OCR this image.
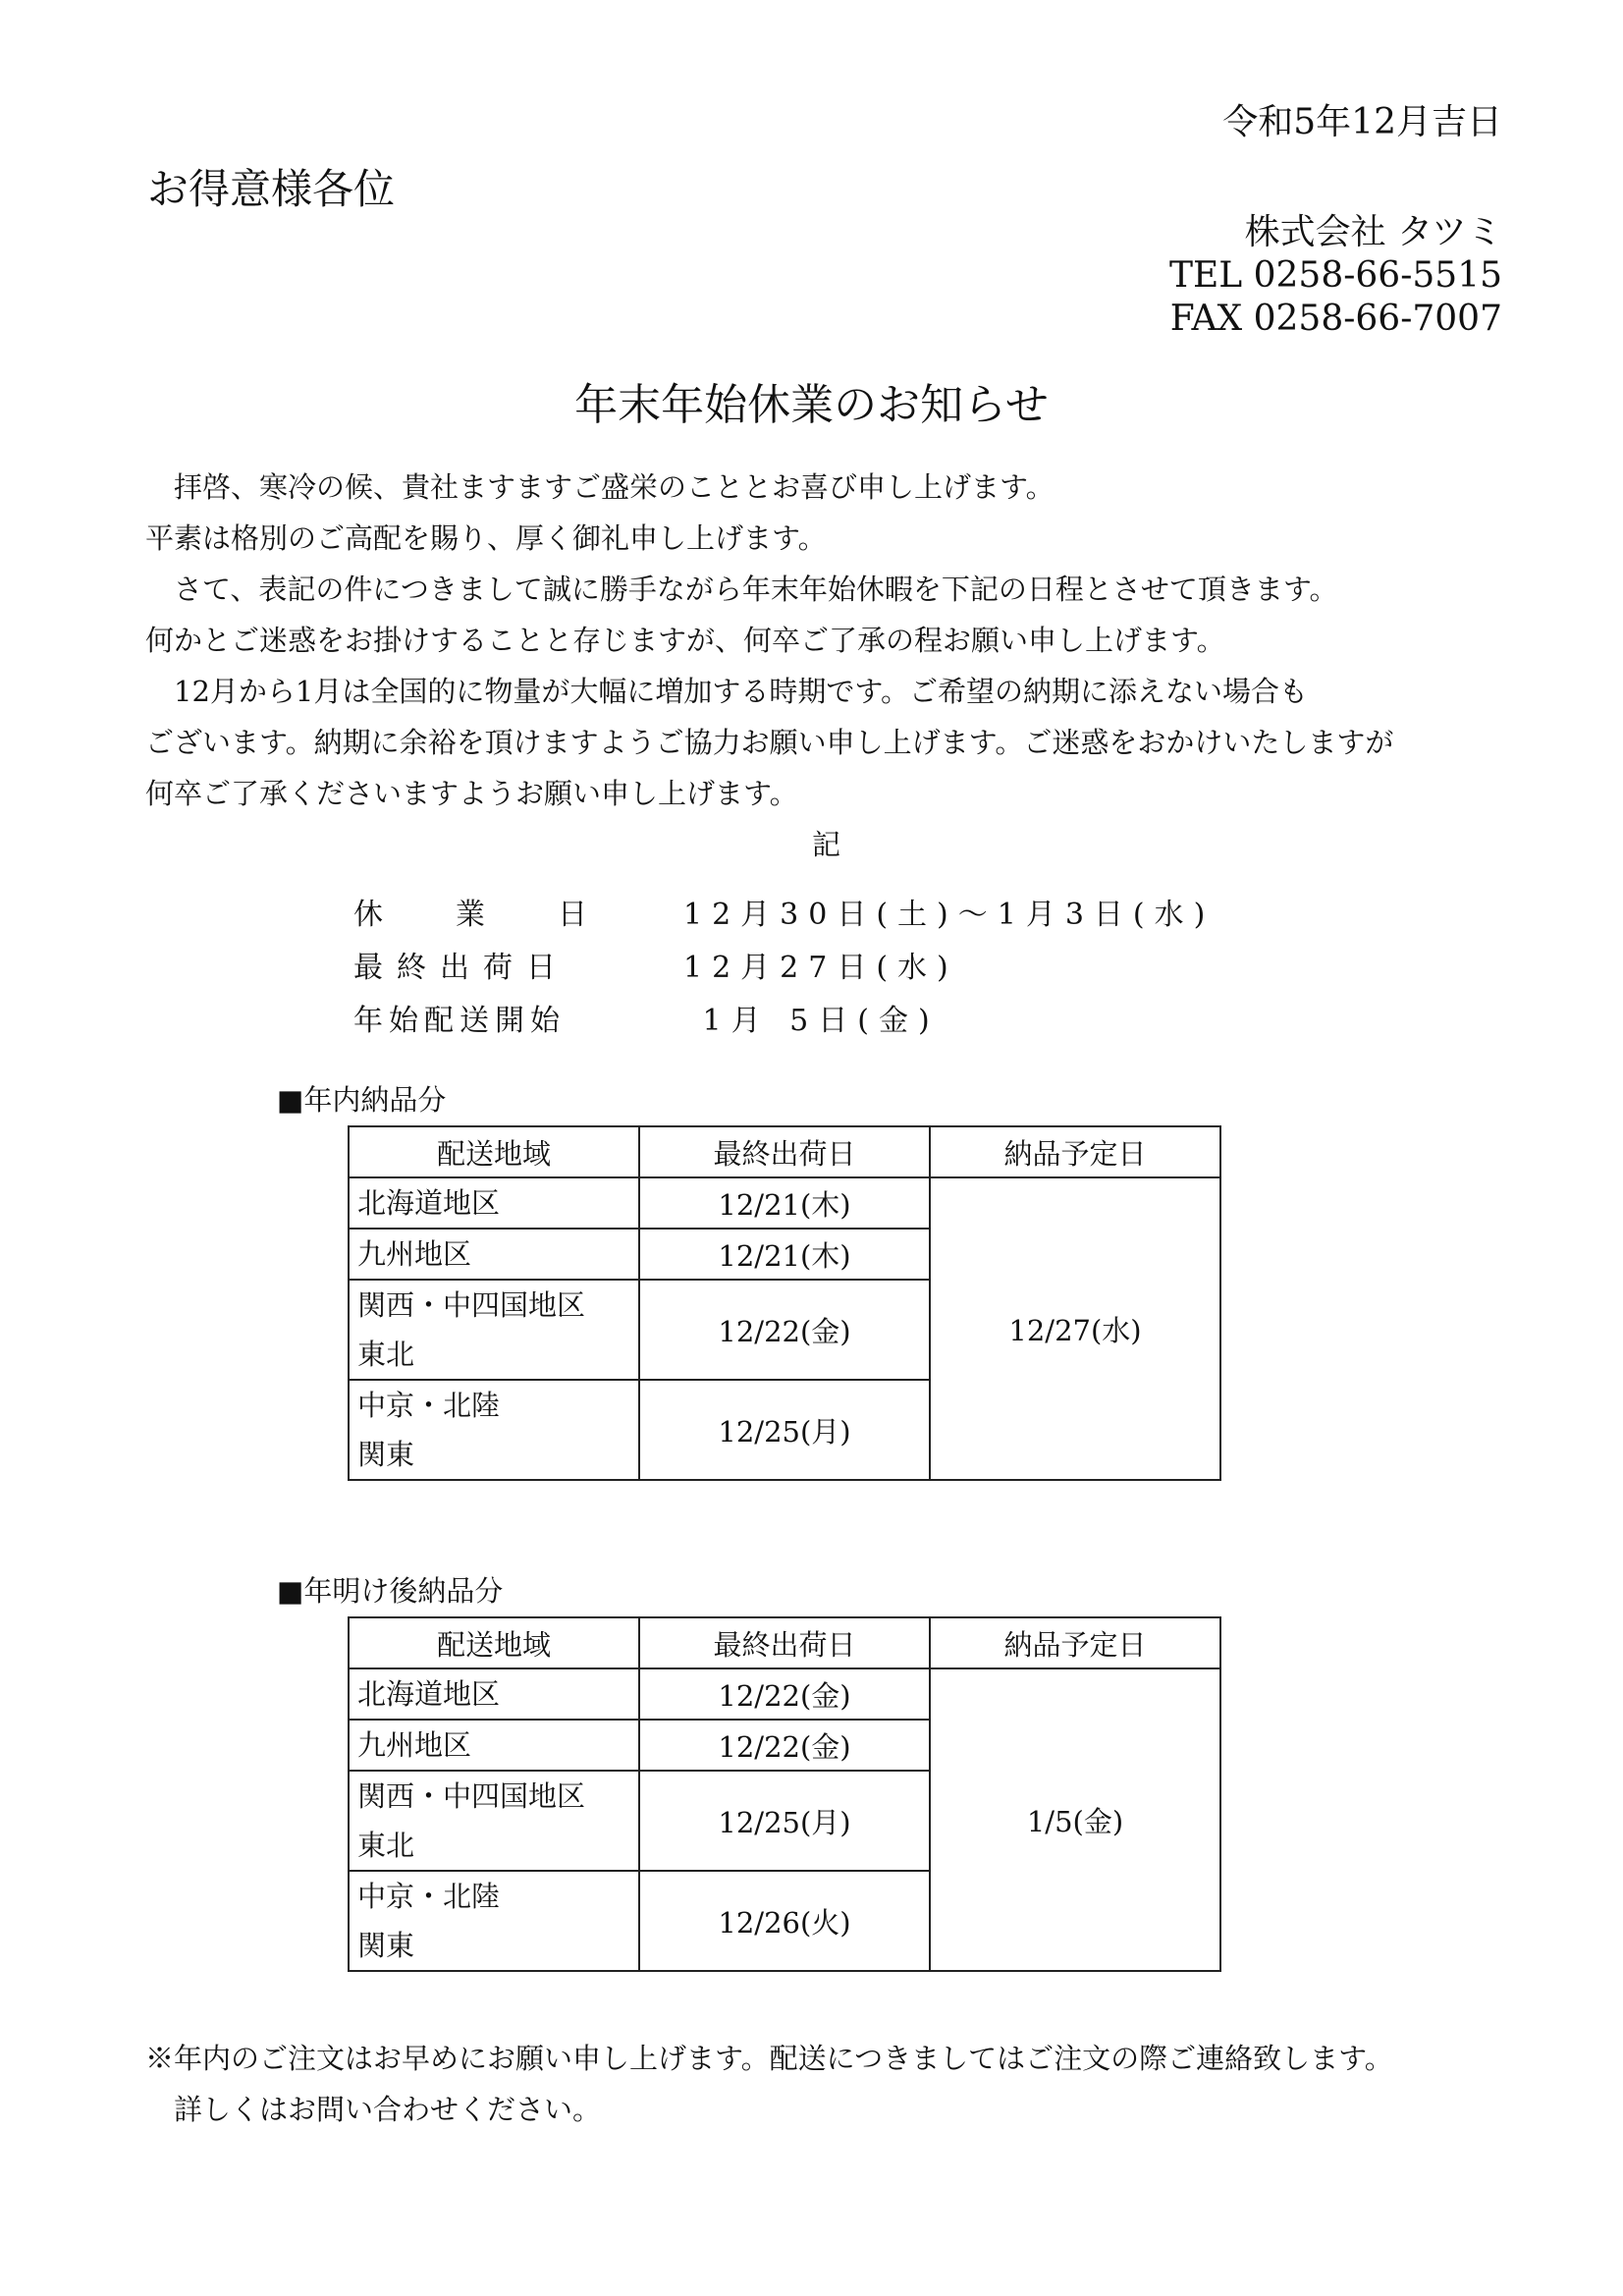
令和5年12月吉日
お得意様各位
株式会社 タツミ
TEL 0258-66-5515
FAX 0258-66-7007
年末年始休業のお知らせ

　拝啓、寒冷の候、貴社ますますご盛栄のこととお喜び申し上げます。

平素は格別のご高配を賜り、厚く御礼申し上げます。

　さて、表記の件につきまして誠に勝手ながら年末年始休暇を下記の日程とさせて頂きます。

何かとご迷惑をお掛けすることと存じますが、何卒ご了承の程お願い申し上げます。

　12月から1月は全国的に物量が大幅に増加する時期です。ご希望の納期に添えない場合も

ございます。納期に余裕を頂けますようご協力お願い申し上げます。ご迷惑をおかけいたしますが

何卒ご了承くださいますようお願い申し上げます。

記
休 業 日	12月30日(土)～1月3日(水)
最終出荷日	12月27日(水)
年始配送開始	1月 5日(金)
■年内納品分
配送地域	最終出荷日	納品予定日
北海道地区	12/21(木)	12/27(水)
九州地区	12/21(木)	

関西・中四国地区
東北	12/22(金)	

中京・北陸
関東	12/25(月)	
■年明け後納品分
配送地域	最終出荷日	納品予定日
北海道地区	12/22(金)	1/5(金)
九州地区	12/22(金)	

関西・中四国地区
東北	12/25(月)	

中京・北陸
関東	12/26(火)	

※年内のご注文はお早めにお願い申し上げます。配送につきましてはご注文の際ご連絡致します。

　詳しくはお問い合わせください。
